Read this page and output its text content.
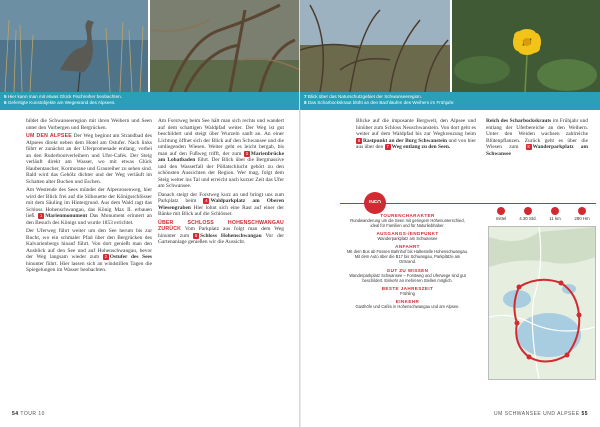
5 Hier kann man mit etwas Glück Fischreiher beobachten.
6 Gefertigte Kunstobjekte am Wegesrand des Alpsees.

bildet die Schwanseeregion mit ihren Weihern und Seen unter den Vorbergen und Bergrücken.

UM DEN ALPSEE Der Weg beginnt am Strandbad des Alpsees direkt neben dem Hotel am Ostufer. Nach links führt er zunächst an der Uferpromenade entlang, vorbei an den Ruderbootverleihern und Ufer-Cafés. Der Steig verläuft direkt am Wasser, wo mit etwas Glück Haubentaucher, Kormorane und Graureiher zu sehen sind. Bald wird das Gehölz dichter und der Weg verläuft im Schatten alter Buchen und Eschen.

Am Westende des Sees mündet der Alpenrosenweg, hier wird der Blick frei auf die Silhouette der Königsschlösser mit dem Säuling im Hintergrund. Aus dem Wald ragt das Schloss Hohenschwangau, das König Max II. erbauen ließ. 1 Marienmonument Das Monument erinnert an den Besuch des Königs und wurde 1853 errichtet.

Der Uferweg führt weiter um den See herum bis zur Bucht, wo ein schmaler Pfad über den Bergrücken des Kalvarienbergs hinauf führt. Von dort genießt man den Ausblick auf den See und auf Hohenschwangau, bevor der Weg langsam wieder zum 2 Ostufer des Sees hinunter führt. Hier lassen sich an windstillen Tagen die Spiegelungen im Wasser beobachten.

Am Forstweg beim See hält man sich rechts und wandert auf dem schattigen Waldpfad weiter. Der Weg ist gut beschildert und steigt über Wurzeln sanft an. An einer Lichtung öffnet sich der Blick auf den Schwansee und die umliegenden Wiesen. Weiter geht es leicht bergab, bis man auf den Fußweg trifft, der zum 3 Marienbrücke am Lobatbaden führt. Der Blick über die Bergmassive und den Wasserfall der Pöllatschlucht gehört zu den schönsten Aussichten der Region. Wer mag, folgt dem Steig weiter ins Tal und erreicht nach kurzer Zeit das Ufer am Schwansee.

Danach steigt der Forstweg kurz an und bringt uns zum Parkplatz beim 4 Waldparkplatz am Oberen Wiesengraben Hier lohnt sich eine Rast auf einer der Bänke mit Blick auf die Schlösser.

ÜBER SCHLOSS HOHENSCHWANGAU ZURÜCK Vom Parkplatz aus folgt man dem Weg hinunter zum 5 Schloss Hohenschwangau Vor der Gartenanlage genießen wir die Aussicht.

54 TOUR 10
7 Blick über das Naturschutzgebiet der Schwanseeregion.
8 Das Scharbockskraut blüht an den Bachläufen des Weihers im Frühjahr.

Blicke auf die imposante Bergwelt, den Alpsee und hinüber zum Schloss Neuschwanstein. Von dort geht es weiter auf dem Waldpfad bis zur Wegkreuzung beim 6 Rastpunkt an der Burg Schwanstein und von hier aus über den 7 Weg entlang zu den Seen.

Reich des Scharbockskrauts im Frühjahr und entlang der Uferbereiche an den Weihern. Unter den Weiden wachsen zahlreiche Blütenpflanzen. Zurück geht es über die Wiesen zum 8 Wanderparkplatz am Schwansee

INFO
TOURENCHARAKTER
Rundwanderung um die Seen mit geringem Höhenunterschied, ideal für Familien und für Naturliebhaber.
AUSGANGS-/ENDPUNKT
Wanderparkplatz am Schwansee
ANFAHRT
Mit dem Bus ab Füssen Bahnhof bis Haltestelle Hohenschwangau. Mit dem Auto über die B17 bis Schwangau, Parkplätze am Ortsrand.
GUT ZU WISSEN
Wanderparkplatz Schwansee – Forstweg und Uferwege sind gut beschildert. Einkehr an mehreren Stellen möglich.
BESTE JAHRESZEIT
Frühling
EINKEHR
Gasthöfe und Cafés in Hohenschwangau und am Alpsee.
mittel	4.30 Std.	11 km	280 Hm
UM SCHWANSEE UND ALPSEE 55
